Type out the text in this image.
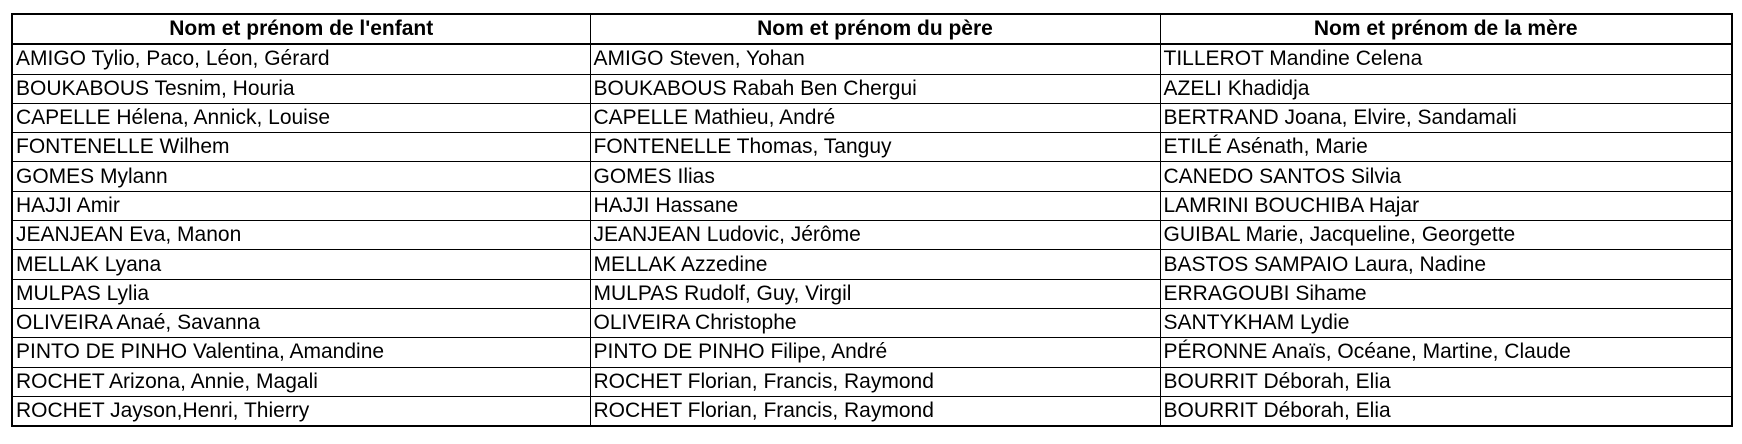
Nom et prénom de l'enfant	Nom et prénom du père	Nom et prénom de la mère
AMIGO Tylio, Paco, Léon, Gérard	AMIGO Steven, Yohan	TILLEROT Mandine Celena
BOUKABOUS Tesnim, Houria	BOUKABOUS Rabah Ben Chergui	AZELI Khadidja
CAPELLE Hélena, Annick, Louise	CAPELLE Mathieu, André	BERTRAND Joana, Elvire, Sandamali
FONTENELLE Wilhem	FONTENELLE Thomas, Tanguy	ETILÉ Asénath, Marie
GOMES Mylann	GOMES Ilias	CANEDO SANTOS Silvia
HAJJI Amir	HAJJI Hassane	LAMRINI BOUCHIBA Hajar
JEANJEAN Eva, Manon	JEANJEAN Ludovic, Jérôme	GUIBAL Marie, Jacqueline, Georgette
MELLAK Lyana	MELLAK Azzedine	BASTOS SAMPAIO Laura, Nadine
MULPAS Lylia	MULPAS Rudolf, Guy, Virgil	ERRAGOUBI Sihame
OLIVEIRA Anaé, Savanna	OLIVEIRA Christophe	SANTYKHAM Lydie
PINTO DE PINHO Valentina, Amandine	PINTO DE PINHO Filipe, André	PÉRONNE Anaïs, Océane, Martine, Claude
ROCHET Arizona, Annie, Magali	ROCHET Florian, Francis, Raymond	BOURRIT Déborah, Elia
ROCHET Jayson,Henri, Thierry	ROCHET Florian, Francis, Raymond	BOURRIT Déborah, Elia
